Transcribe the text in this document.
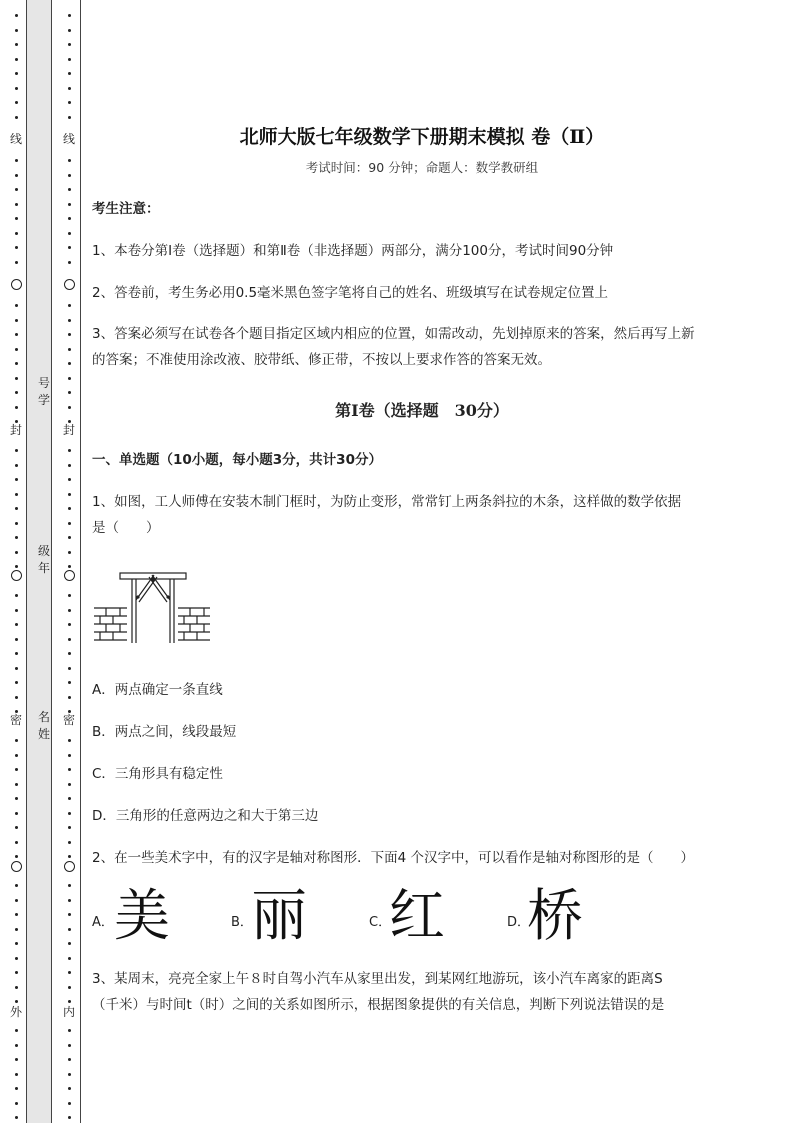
线
封
密
外
线
封
密
内
号
学
级
年
名
姓
北师大版七年级数学下册期末模拟 卷（Ⅱ）
考试时间：90 分钟；命题人：数学教研组
考生注意：
1、本卷分第Ⅰ卷（选择题）和第Ⅱ卷（非选择题）两部分，满分100分，考试时间90分钟
2、答卷前，考生务必用0.5毫米黑色签字笔将自己的姓名、班级填写在试卷规定位置上
3、答案必须写在试卷各个题目指定区域内相应的位置，如需改动，先划掉原来的答案，然后再写上新
的答案；不准使用涂改液、胶带纸、修正带，不按以上要求作答的答案无效。
第Ⅰ卷（选择题　30分）
一、单选题（10小题，每小题3分，共计30分）
1、如图，工人师傅在安装木制门框时，为防止变形，常常钉上两条斜拉的木条，这样做的数学依据
是（　　）
A．两点确定一条直线
B．两点之间，线段最短
C．三角形具有稳定性
D．三角形的任意两边之和大于第三边
2、在一些美术字中，有的汉字是轴对称图形．下面4 个汉字中，可以看作是轴对称图形的是（　　）
3、某周末，亮亮全家上午８时自驾小汽车从家里出发，到某网红地游玩，该小汽车离家的距离S
（千米）与时间t（时）之间的关系如图所示，根据图象提供的有关信息，判断下列说法错误的是
A． 美	B．
丽	C．
红	D．
桥
